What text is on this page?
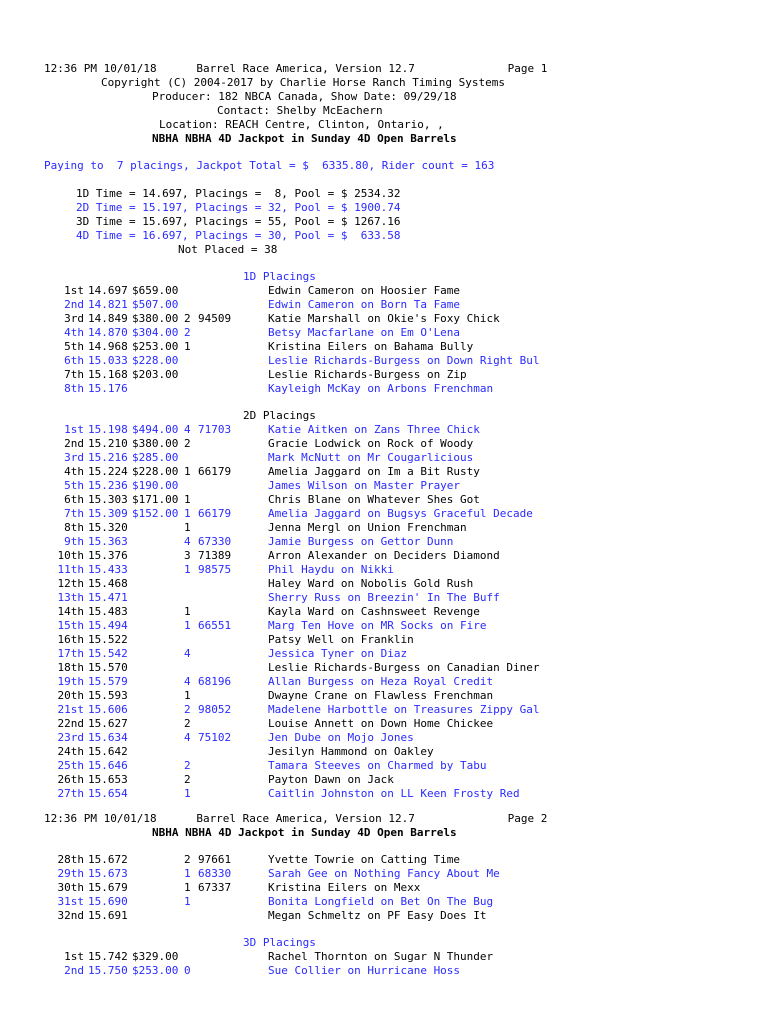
12:36 PM 10/01/18      Barrel Race America, Version 12.7              Page 1
Copyright (C) 2004-2017 by Charlie Horse Ranch Timing Systems
Producer: 182 NBCA Canada, Show Date: 09/29/18
Contact: Shelby McEachern
Location: REACH Centre, Clinton, Ontario, ,
NBHA NBHA 4D Jackpot in Sunday 4D Open Barrels
Paying to  7 placings, Jackpot Total = $  6335.80, Rider count = 163
1D Time = 14.697, Placings =  8, Pool = $ 2534.32
2D Time = 15.197, Placings = 32, Pool = $ 1900.74
3D Time = 15.697, Placings = 55, Pool = $ 1267.16
4D Time = 16.697, Placings = 30, Pool = $  633.58
Not Placed = 38
1D Placings
1st 14.697 $659.00	Edwin Cameron on Hoosier Fame
2nd 14.821 $507.00	Edwin Cameron on Born Ta Fame
3rd 14.849 $380.00 2 94509	Katie Marshall on Okie's Foxy Chick
4th 14.870 $304.00 2	Betsy Macfarlane on Em O'Lena
5th 14.968 $253.00 1	Kristina Eilers on Bahama Bully
6th 15.033 $228.00	Leslie Richards-Burgess on Down Right Bul
7th 15.168 $203.00	Leslie Richards-Burgess on Zip
8th 15.176	Kayleigh McKay on Arbons Frenchman
2D Placings
1st 15.198 $494.00 4 71703	Katie Aitken on Zans Three Chick
2nd 15.210 $380.00 2	Gracie Lodwick on Rock of Woody
3rd 15.216 $285.00	Mark McNutt on Mr Cougarlicious
4th 15.224 $228.00 1 66179	Amelia Jaggard on Im a Bit Rusty
5th 15.236 $190.00	James Wilson on Master Prayer
6th 15.303 $171.00 1	Chris Blane on Whatever Shes Got
7th 15.309 $152.00 1 66179	Amelia Jaggard on Bugsys Graceful Decade
8th 15.320	1	Jenna Mergl on Union Frenchman
9th 15.363	4 67330	Jamie Burgess on Gettor Dunn
10th 15.376	3 71389	Arron Alexander on Deciders Diamond
11th 15.433	1 98575	Phil Haydu on Nikki
12th 15.468	Haley Ward on Nobolis Gold Rush
13th 15.471	Sherry Russ on Breezin' In The Buff
14th 15.483	1	Kayla Ward on Cashnsweet Revenge
15th 15.494	1 66551	Marg Ten Hove on MR Socks on Fire
16th 15.522	Patsy Well on Franklin
17th 15.542	4	Jessica Tyner on Diaz
18th 15.570	Leslie Richards-Burgess on Canadian Diner
19th 15.579	4 68196	Allan Burgess on Heza Royal Credit
20th 15.593	1	Dwayne Crane on Flawless Frenchman
21st 15.606	2 98052	Madelene Harbottle on Treasures Zippy Gal
22nd 15.627	2	Louise Annett on Down Home Chickee
23rd 15.634	4 75102	Jen Dube on Mojo Jones
24th 15.642	Jesilyn Hammond on Oakley
25th 15.646	2	Tamara Steeves on Charmed by Tabu
26th 15.653	2	Payton Dawn on Jack
27th 15.654	1	Caitlin Johnston on LL Keen Frosty Red
12:36 PM 10/01/18      Barrel Race America, Version 12.7              Page 2
NBHA NBHA 4D Jackpot in Sunday 4D Open Barrels
28th 15.672	2 97661	Yvette Towrie on Catting Time
29th 15.673	1 68330	Sarah Gee on Nothing Fancy About Me
30th 15.679	1 67337	Kristina Eilers on Mexx
31st 15.690	1	Bonita Longfield on Bet On The Bug
32nd 15.691	Megan Schmeltz on PF Easy Does It
3D Placings
1st 15.742 $329.00	Rachel Thornton on Sugar N Thunder
2nd 15.750 $253.00 0	Sue Collier on Hurricane Hoss
